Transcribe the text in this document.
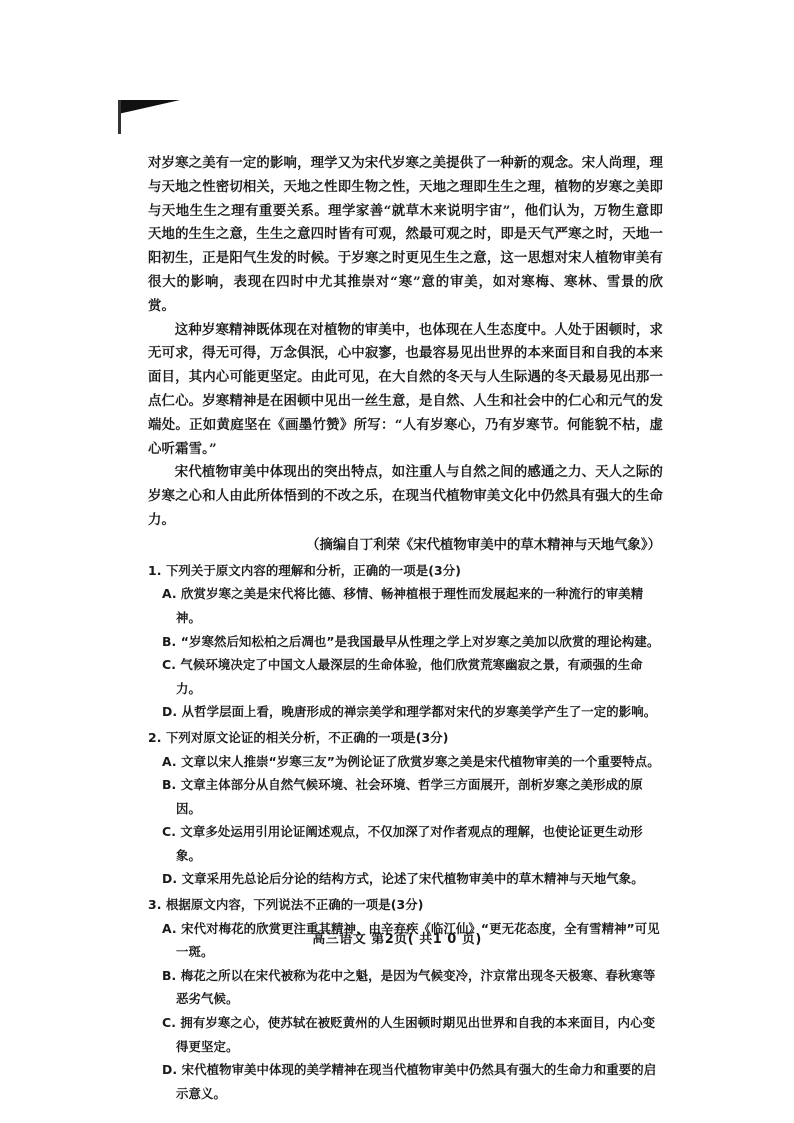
对岁寒之美有一定的影响，理学又为宋代岁寒之美提供了一种新的观念。宋人尚理，理与天地之性密切相关，天地之性即生物之性，天地之理即生生之理，植物的岁寒之美即与天地生生之理有重要关系。理学家善“就草木来说明宇宙”，他们认为，万物生意即天地的生生之意，生生之意四时皆有可观，然最可观之时，即是天气严寒之时，天地一阳初生，正是阳气生发的时候。于岁寒之时更见生生之意，这一思想对宋人植物审美有很大的影响，表现在四时中尤其推崇对“寒”意的审美，如对寒梅、寒林、雪景的欣赏。

这种岁寒精神既体现在对植物的审美中，也体现在人生态度中。人处于困顿时，求无可求，得无可得，万念俱泯，心中寂寥，也最容易见出世界的本来面目和自我的本来面目，其内心可能更坚定。由此可见，在大自然的冬天与人生际遇的冬天最易见出那一点仁心。岁寒精神是在困顿中见出一丝生意，是自然、人生和社会中的仁心和元气的发端处。正如黄庭坚在《画墨竹赞》所写：“人有岁寒心，乃有岁寒节。何能貌不枯，虚心听霜雪。”

宋代植物审美中体现出的突出特点，如注重人与自然之间的感通之力、天人之际的岁寒之心和人由此所体悟到的不改之乐，在现当代植物审美文化中仍然具有强大的生命力。

（摘编自丁利荣《宋代植物审美中的草木精神与天地气象》）

1. 下列关于原文内容的理解和分析，正确的一项是(3分)

A. 欣赏岁寒之美是宋代将比德、移情、畅神植根于理性而发展起来的一种流行的审美精神。

B. “岁寒然后知松柏之后凋也”是我国最早从性理之学上对岁寒之美加以欣赏的理论构建。

C. 气候环境决定了中国文人最深层的生命体验，他们欣赏荒寒幽寂之景，有顽强的生命力。

D. 从哲学层面上看，晚唐形成的禅宗美学和理学都对宋代的岁寒美学产生了一定的影响。

2. 下列对原文论证的相关分析，不正确的一项是(3分)

A. 文章以宋人推崇“岁寒三友”为例论证了欣赏岁寒之美是宋代植物审美的一个重要特点。

B. 文章主体部分从自然气候环境、社会环境、哲学三方面展开，剖析岁寒之美形成的原因。

C. 文章多处运用引用论证阐述观点，不仅加深了对作者观点的理解，也使论证更生动形象。

D. 文章采用先总论后分论的结构方式，论述了宋代植物审美中的草木精神与天地气象。

3. 根据原文内容，下列说法不正确的一项是(3分)

A. 宋代对梅花的欣赏更注重其精神，由辛弃疾《临江仙》“更无花态度，全有雪精神”可见一斑。

B. 梅花之所以在宋代被称为花中之魁，是因为气候变冷，汴京常出现冬天极寒、春秋寒等恶劣气候。

C. 拥有岁寒之心，使苏轼在被贬黄州的人生困顿时期见出世界和自我的本来面目，内心变得更坚定。

D. 宋代植物审美中体现的美学精神在现当代植物审美中仍然具有强大的生命力和重要的启示意义。

高三语文 第2页( 共1 0 页)
